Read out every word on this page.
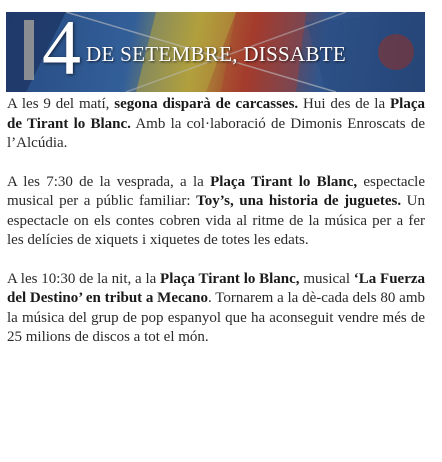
4 DE SETEMBRE, DISSABTE

A les 9 del matí, segona disparà de carcasses. Hui des de la Plaça de Tirant lo Blanc. Amb la col·laboració de Dimonis Enroscats de l’Alcúdia.

A les 7:30 de la vesprada, a la Plaça Tirant lo Blanc, espectacle musical per a públic familiar: Toy’s, una historia de juguetes. Un espectacle on els contes cobren vida al ritme de la música per a fer les delícies de xiquets i xiquetes de totes les edats.

A les 10:30 de la nit, a la Plaça Tirant lo Blanc, musical ‘La Fuerza del Destino’ en tribut a Mecano. Tornarem a la dè-cada dels 80 amb la música del grup de pop espanyol que ha aconseguit vendre més de 25 milions de discos a tot el món.
